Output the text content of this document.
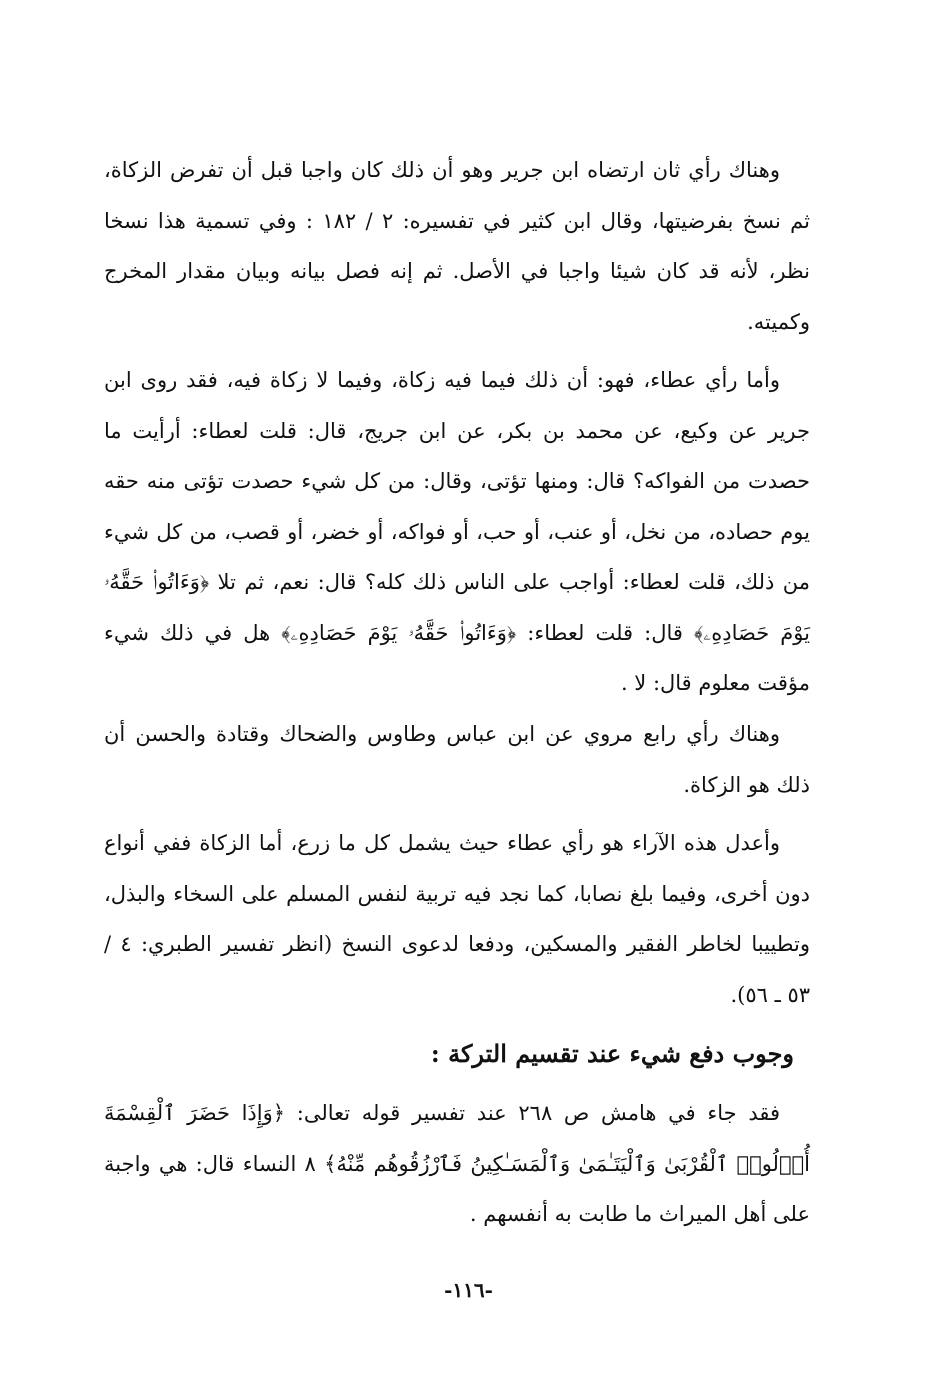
وهناك رأي ثان ارتضاه ابن جرير وهو أن ذلك كان واجبا قبل أن تفرض الزكاة، ثم نسخ بفرضيتها، وقال ابن كثير في تفسيره: ٢ / ١٨٢ : وفي تسمية هذا نسخا نظر، لأنه قد كان شيئا واجبا في الأصل. ثم إنه فصل بيانه وبيان مقدار المخرج وكميته.

وأما رأي عطاء، فهو: أن ذلك فيما فيه زكاة، وفيما لا زكاة فيه، فقد روى ابن جرير عن وكيع، عن محمد بن بكر، عن ابن جريج، قال: قلت لعطاء: أرأيت ما حصدت من الفواكه؟ قال: ومنها تؤتى، وقال: من كل شيء حصدت تؤتى منه حقه يوم حصاده، من نخل، أو عنب، أو حب، أو فواكه، أو خضر، أو قصب، من كل شيء من ذلك، قلت لعطاء: أواجب على الناس ذلك كله؟ قال: نعم، ثم تلا ﴿وَءَاتُوا۟ حَقَّهُۥ يَوْمَ حَصَادِهِۦ﴾ قال: قلت لعطاء: ﴿وَءَاتُوا۟ حَقَّهُۥ يَوْمَ حَصَادِهِۦ﴾ هل في ذلك شيء مؤقت معلوم قال: لا .

وهناك رأي رابع مروي عن ابن عباس وطاوس والضحاك وقتادة والحسن أن ذلك هو الزكاة.

وأعدل هذه الآراء هو رأي عطاء حيث يشمل كل ما زرع، أما الزكاة ففي أنواع دون أخرى، وفيما بلغ نصابا، كما نجد فيه تربية لنفس المسلم على السخاء والبذل، وتطييبا لخاطر الفقير والمسكين، ودفعا لدعوى النسخ (انظر تفسير الطبري: ٤ / ٥٣ ـ ٥٦).

وجوب دفع شيء عند تقسيم التركة :

فقد جاء في هامش ص ٢٦٨ عند تفسير قوله تعالى: ﴿وَإِذَا حَضَرَ ٱلْقِسْمَةَ أُو۟لُوا۟ ٱلْقُرْبَىٰ وَٱلْيَتَـٰمَىٰ وَٱلْمَسَـٰكِينُ فَٱرْزُقُوهُم مِّنْهُ﴾ ٨ النساء قال: هي واجبة على أهل الميراث ما طابت به أنفسهم .

-١١٦-
